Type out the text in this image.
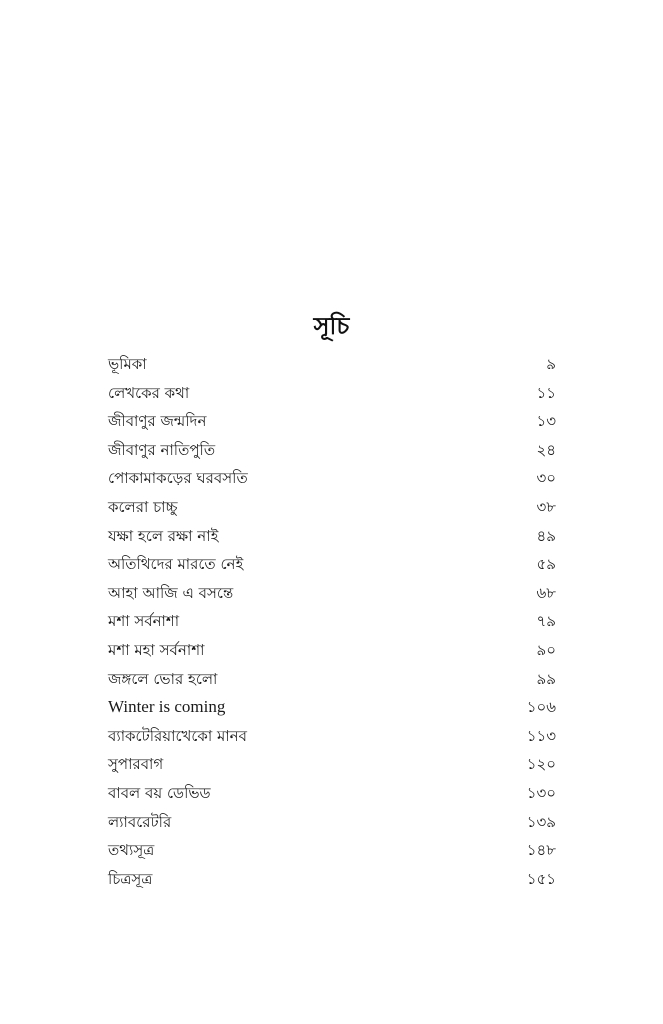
সূচি
ভূমিকা	৯
লেখকের কথা	১১
জীবাণুর জন্মদিন	১৩
জীবাণুর নাতিপুতি	২৪
পোকামাকড়ের ঘরবসতি	৩০
কলেরা চাচ্চু	৩৮
যক্ষা হলে রক্ষা নাই	৪৯
অতিথিদের মারতে নেই	৫৯
আহা আজি এ বসন্তে	৬৮
মশা সর্বনাশা	৭৯
মশা মহা সর্বনাশা	৯০
জঙ্গলে ভোর হলো	৯৯
Winter is coming	১০৬
ব্যাকটেরিয়াখেকো মানব	১১৩
সুপারবাগ	১২০
বাবল বয় ডেভিড	১৩০
ল্যাবরেটরি	১৩৯
তথ্যসূত্র	১৪৮
চিত্রসূত্র	১৫১
